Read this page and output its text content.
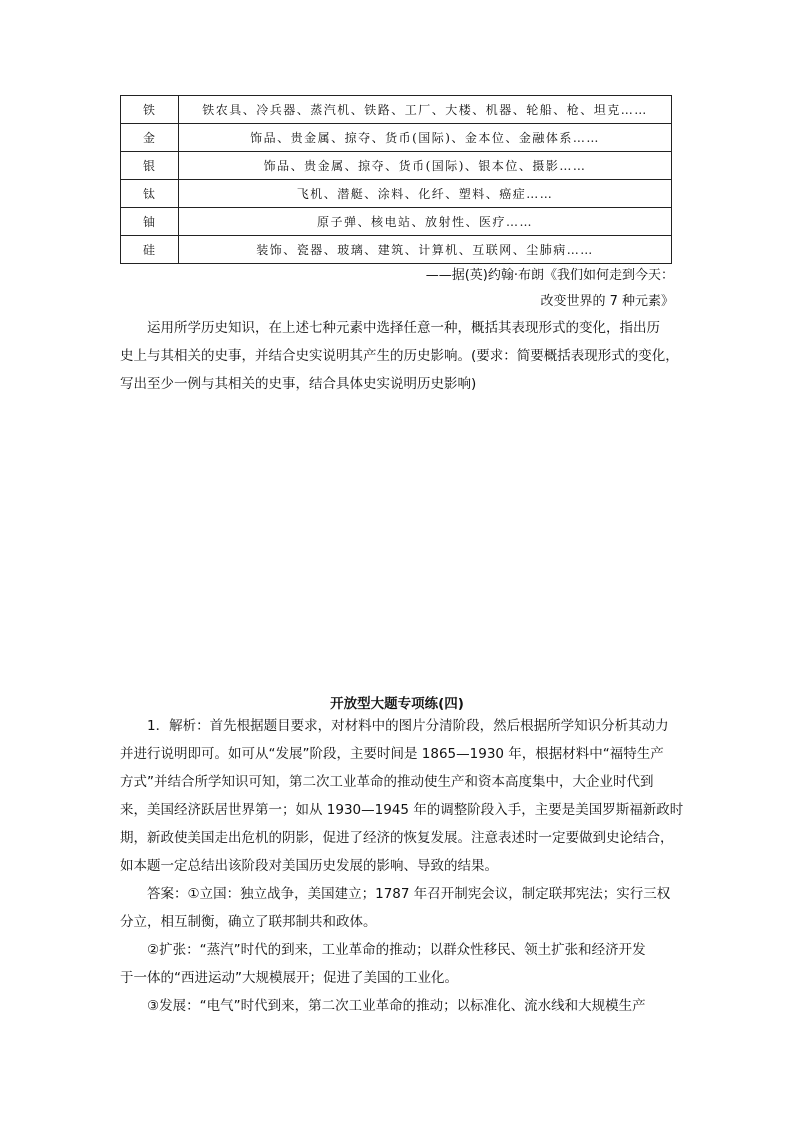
铁	铁农具、冷兵器、蒸汽机、铁路、工厂、大楼、机器、轮船、枪、坦克……
金	饰品、贵金属、掠夺、货币(国际)、金本位、金融体系……
银	饰品、贵金属、掠夺、货币(国际)、银本位、摄影……
钛	飞机、潜艇、涂料、化纤、塑料、癌症……
铀	原子弹、核电站、放射性、医疗……
硅	装饰、瓷器、玻璃、建筑、计算机、互联网、尘肺病……
——据(英)约翰·布朗《我们如何走到今天：
改变世界的 7 种元素》
运用所学历史知识，在上述七种元素中选择任意一种，概括其表现形式的变化，指出历
史上与其相关的史事，并结合史实说明其产生的历史影响。(要求：简要概括表现形式的变化，
写出至少一例与其相关的史事，结合具体史实说明历史影响)
开放型大题专项练(四)
1．解析：首先根据题目要求，对材料中的图片分清阶段，然后根据所学知识分析其动力
并进行说明即可。如可从“发展”阶段，主要时间是 1865—1930 年，根据材料中“福特生产
方式”并结合所学知识可知，第二次工业革命的推动使生产和资本高度集中，大企业时代到
来，美国经济跃居世界第一；如从 1930—1945 年的调整阶段入手，主要是美国罗斯福新政时
期，新政使美国走出危机的阴影，促进了经济的恢复发展。注意表述时一定要做到史论结合，
如本题一定总结出该阶段对美国历史发展的影响、导致的结果。
答案：①立国：独立战争，美国建立；1787 年召开制宪会议，制定联邦宪法；实行三权
分立，相互制衡，确立了联邦制共和政体。
②扩张：“蒸汽”时代的到来，工业革命的推动；以群众性移民、领土扩张和经济开发
于一体的“西进运动”大规模展开；促进了美国的工业化。
③发展：“电气”时代到来，第二次工业革命的推动；以标准化、流水线和大规模生产
